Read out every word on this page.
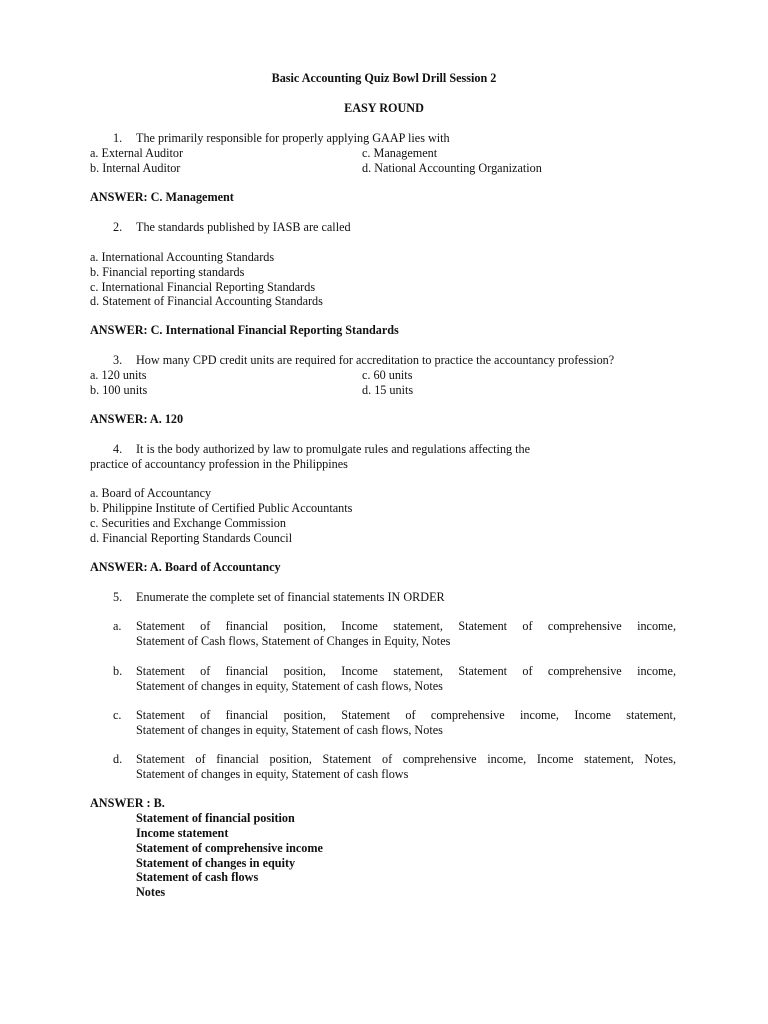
Basic Accounting Quiz Bowl Drill Session 2
EASY ROUND
1. The primarily responsible for properly applying GAAP lies with
a. External Auditor	c. Management
b. Internal Auditor	d. National Accounting Organization
ANSWER: C. Management
2. The standards published by IASB are called
a. International Accounting Standards
b. Financial reporting standards
c. International Financial Reporting Standards
d. Statement of Financial Accounting Standards
ANSWER: C. International Financial Reporting Standards
3. How many CPD credit units are required for accreditation to practice the accountancy profession?
a. 120 units	c. 60 units
b. 100 units	d. 15 units
ANSWER: A. 120
4. It is the body authorized by law to promulgate rules and regulations affecting the
practice of accountancy profession in the Philippines
a. Board of Accountancy
b. Philippine Institute of Certified Public Accountants
c. Securities and Exchange Commission
d. Financial Reporting Standards Council
ANSWER: A. Board of Accountancy
5. Enumerate the complete set of financial statements IN ORDER
a. Statement of financial position, Income statement, Statement of comprehensive income,
Statement of Cash flows, Statement of Changes in Equity, Notes
b. Statement of financial position, Income statement, Statement of comprehensive income,
Statement of changes in equity, Statement of cash flows, Notes
c. Statement of financial position, Statement of comprehensive income, Income statement,
Statement of changes in equity, Statement of cash flows, Notes
d. Statement of financial position, Statement of comprehensive income, Income statement, Notes,
Statement of changes in equity, Statement of cash flows
ANSWER : B.
Statement of financial position
Income statement
Statement of comprehensive income
Statement of changes in equity
Statement of cash flows
Notes
